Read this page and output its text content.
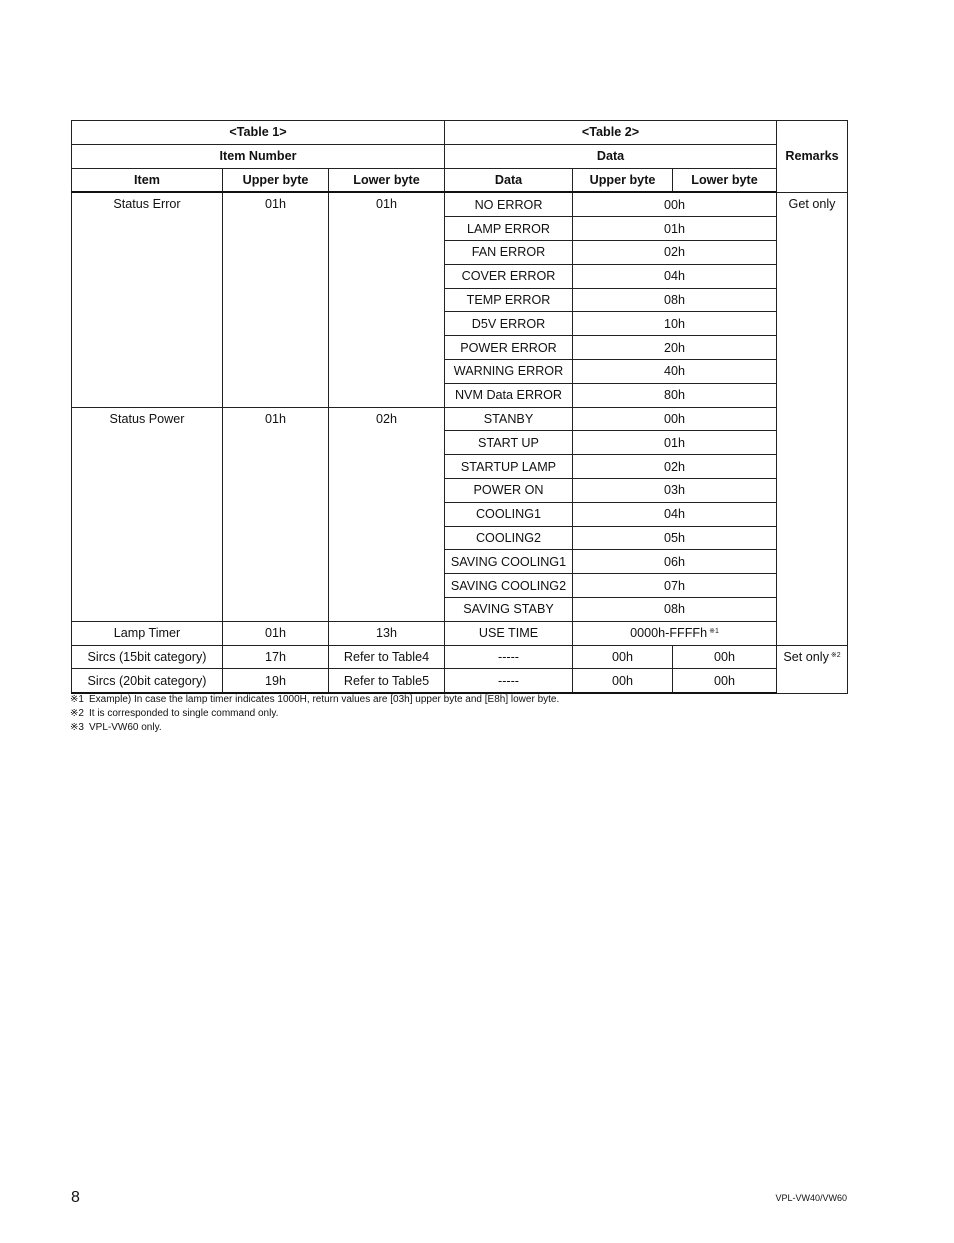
<Table 1>			<Table 2>			Remarks
Item Number			Data			
Item	Upper byte	Lower byte	Data	Upper byte	Lower byte	
Status Error	01h	01h	NO ERROR	00h		Get only
			LAMP ERROR	01h		
			FAN ERROR	02h		
			COVER ERROR	04h		
			TEMP ERROR	08h		
			D5V ERROR	10h		
			POWER ERROR	20h		
			WARNING ERROR	40h		
			NVM Data ERROR	80h		
Status Power	01h	02h	STANBY	00h		
			START UP	01h		
			STARTUP LAMP	02h		
			POWER ON	03h		
			COOLING1	04h		
			COOLING2	05h		
			SAVING COOLING1	06h		
			SAVING COOLING2	07h		
			SAVING STABY	08h		
Lamp Timer	01h	13h	USE TIME	0000h-FFFFh $^{※1}$
Sircs (15bit category)	17h	Refer to Table4	-----	00h	00h	Set only $^{※2}$
Sircs (20bit category)	19h	Refer to Table5	-----	00h	00h	
※1 Example) In case the lamp timer indicates 1000H, return values are [03h] upper byte and [E8h] lower byte.
※2 It is corresponded to single command only.
※3 VPL-VW60 only.
8	VPL-VW40/VW60
